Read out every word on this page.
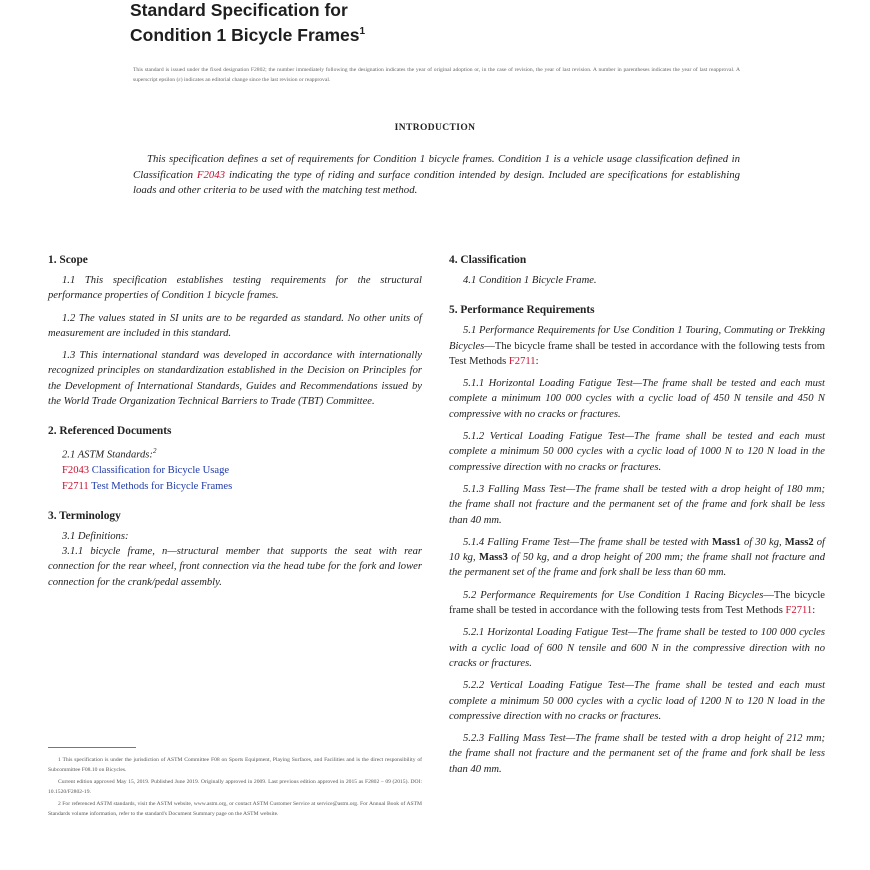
Standard Specification for
Condition 1 Bicycle Frames$^1$
This standard is issued under the fixed designation F2802; the number immediately following the designation indicates the year of original adoption or, in the case of revision, the year of last revision. A number in parentheses indicates the year of last reapproval. A superscript epsilon (ε) indicates an editorial change since the last revision or reapproval.
INTRODUCTION
This specification defines a set of requirements for Condition 1 bicycle frames. Condition 1 is a vehicle usage classification defined in Classification F2043 indicating the type of riding and surface condition intended by design. Included are specifications for establishing loads and other criteria to be used with the matching test method.
1. Scope

1.1 This specification establishes testing requirements for the structural performance properties of Condition 1 bicycle frames.

1.2 The values stated in SI units are to be regarded as standard. No other units of measurement are included in this standard.

1.3 This international standard was developed in accordance with internationally recognized principles on standardization established in the Decision on Principles for the Development of International Standards, Guides and Recommendations issued by the World Trade Organization Technical Barriers to Trade (TBT) Committee.

2. Referenced Documents

2.1 ASTM Standards:$^2$

F2043 Classification for Bicycle Usage

F2711 Test Methods for Bicycle Frames

3. Terminology

3.1 Definitions:

3.1.1 bicycle frame, n—structural member that supports the seat with rear connection for the rear wheel, front connection via the head tube for the fork and lower connection for the crank/pedal assembly.

4. Classification

4.1 Condition 1 Bicycle Frame.

5. Performance Requirements

5.1 Performance Requirements for Use Condition 1 Touring, Commuting or Trekking Bicycles—The bicycle frame shall be tested in accordance with the following tests from Test Methods F2711:

5.1.1 Horizontal Loading Fatigue Test—The frame shall be tested and each must complete a minimum 100 000 cycles with a cyclic load of 450 N tensile and 450 N compressive with no cracks or fractures.

5.1.2 Vertical Loading Fatigue Test—The frame shall be tested and each must complete a minimum 50 000 cycles with a cyclic load of 1000 N to 120 N load in the compressive direction with no cracks or fractures.

5.1.3 Falling Mass Test—The frame shall be tested with a drop height of 180 mm; the frame shall not fracture and the permanent set of the frame and fork shall be less than 40 mm.

5.1.4 Falling Frame Test—The frame shall be tested with Mass1 of 30 kg, Mass2 of 10 kg, Mass3 of 50 kg, and a drop height of 200 mm; the frame shall not fracture and the permanent set of the frame and fork shall be less than 60 mm.

5.2 Performance Requirements for Use Condition 1 Racing Bicycles—The bicycle frame shall be tested in accordance with the following tests from Test Methods F2711:

5.2.1 Horizontal Loading Fatigue Test—The frame shall be tested to 100 000 cycles with a cyclic load of 600 N tensile and 600 N in the compressive direction with no cracks or fractures.

5.2.2 Vertical Loading Fatigue Test—The frame shall be tested and each must complete a minimum 50 000 cycles with a cyclic load of 1200 N to 120 N load in the compressive direction with no cracks or fractures.

5.2.3 Falling Mass Test—The frame shall be tested with a drop height of 212 mm; the frame shall not fracture and the permanent set of the frame and fork shall be less than 40 mm.

1 This specification is under the jurisdiction of ASTM Committee F08 on Sports Equipment, Playing Surfaces, and Facilities and is the direct responsibility of Subcommittee F08.10 on Bicycles.

Current edition approved May 15, 2019. Published June 2019. Originally approved in 2009. Last previous edition approved in 2015 as F2802 – 09 (2015). DOI: 10.1520/F2802-19.

2 For referenced ASTM standards, visit the ASTM website, www.astm.org, or contact ASTM Customer Service at service@astm.org. For Annual Book of ASTM Standards volume information, refer to the standard's Document Summary page on the ASTM website.
